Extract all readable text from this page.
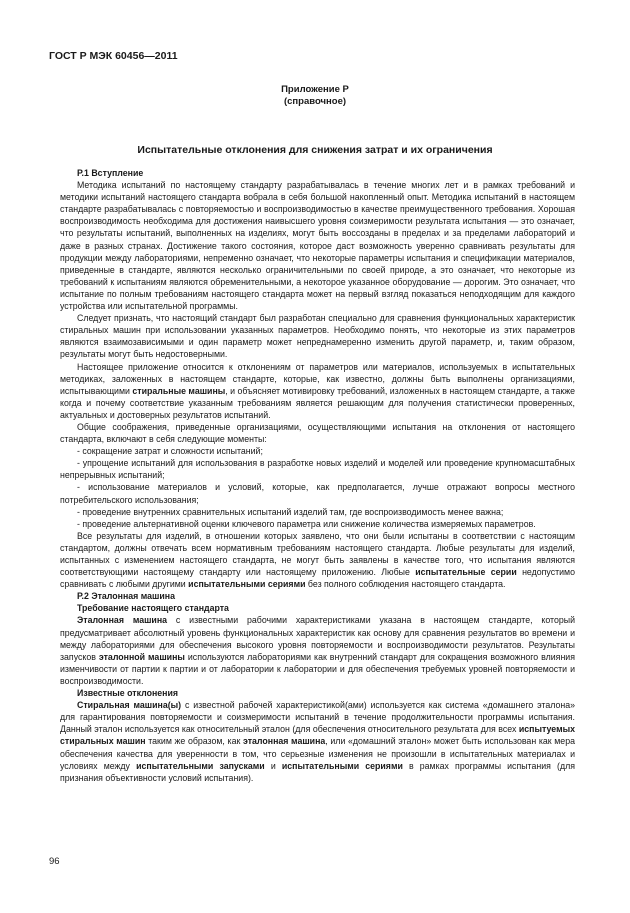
ГОСТ Р МЭК 60456—2011
Приложение Р
(справочное)
Испытательные отклонения для снижения затрат и их ограничения

Р.1 Вступление

Методика испытаний по настоящему стандарту разрабатывалась в течение многих лет и в рамках требований и методики испытаний настоящего стандарта вобрала в себя большой накопленный опыт. Методика испытаний в настоящем стандарте разрабатывалась с повторяемостью и воспроизводимостью в качестве преимущественного требования. Хорошая воспроизводимость необходима для достижения наивысшего уровня соизмеримости результата испытания — это означает, что результаты испытаний, выполненных на изделиях, могут быть воссозданы в пределах и за пределами лабораторий и даже в разных странах. Достижение такого состояния, которое даст возможность уверенно сравнивать результаты для продукции между лабораториями, непременно означает, что некоторые параметры испытания и спецификации материалов, приведенные в стандарте, являются несколько ограничительными по своей природе, а это означает, что некоторые из требований к испытаниям являются обременительными, а некоторое указанное оборудование — дорогим. Это означает, что испытание по полным требованиям настоящего стандарта может на первый взгляд показаться неподходящим для каждого устройства или испытательной программы.

Следует признать, что настоящий стандарт был разработан специально для сравнения функциональных характеристик стиральных машин при использовании указанных параметров. Необходимо понять, что некоторые из этих параметров являются взаимозависимыми и один параметр может непреднамеренно изменить другой параметр, и, таким образом, результаты могут быть недостоверными.

Настоящее приложение относится к отклонениям от параметров или материалов, используемых в испытательных методиках, заложенных в настоящем стандарте, которые, как известно, должны быть выполнены организациями, испытывающими стиральные машины, и объясняет мотивировку требований, изложенных в настоящем стандарте, а также когда и почему соответствие указанным требованиям является решающим для получения статистически проверенных, актуальных и достоверных результатов испытаний.

Общие соображения, приведенные организациями, осуществляющими испытания на отклонения от настоящего стандарта, включают в себя следующие моменты:

- сокращение затрат и сложности испытаний;

- упрощение испытаний для использования в разработке новых изделий и моделей или проведение крупномасштабных непрерывных испытаний;

- использование материалов и условий, которые, как предполагается, лучше отражают вопросы местного потребительского использования;

- проведение внутренних сравнительных испытаний изделий там, где воспроизводимость менее важна;

- проведение альтернативной оценки ключевого параметра или снижение количества измеряемых параметров.

Все результаты для изделий, в отношении которых заявлено, что они были испытаны в соответствии с настоящим стандартом, должны отвечать всем нормативным требованиям настоящего стандарта. Любые результаты для изделий, испытанных с изменением настоящего стандарта, не могут быть заявлены в качестве того, что испытания являются соответствующими настоящему стандарту или настоящему приложению. Любые испытательные серии недопустимо сравнивать с любыми другими испытательными сериями без полного соблюдения настоящего стандарта.

Р.2 Эталонная машина

Требование настоящего стандарта

Эталонная машина с известными рабочими характеристиками указана в настоящем стандарте, который предусматривает абсолютный уровень функциональных характеристик как основу для сравнения результатов во времени и между лабораториями для обеспечения высокого уровня повторяемости и воспроизводимости результатов. Результаты запусков эталонной машины используются лабораториями как внутренний стандарт для сокращения возможного влияния изменчивости от партии к партии и от лаборатории к лаборатории и для обеспечения требуемых уровней повторяемости и воспроизводимости.

Известные отклонения

Стиральная машина(ы) с известной рабочей характеристикой(ами) используется как система «домашнего эталона» для гарантирования повторяемости и соизмеримости испытаний в течение продолжительности программы испытания. Данный эталон используется как относительный эталон (для обеспечения относительного результата для всех испытуемых стиральных машин таким же образом, как эталонная машина, или «домашний эталон» может быть использован как мера обеспечения качества для уверенности в том, что серьезные изменения не произошли в испытательных материалах и условиях между испытательными запусками и испытательными сериями в рамках программы испытания (для признания объективности условий испытания).

96
